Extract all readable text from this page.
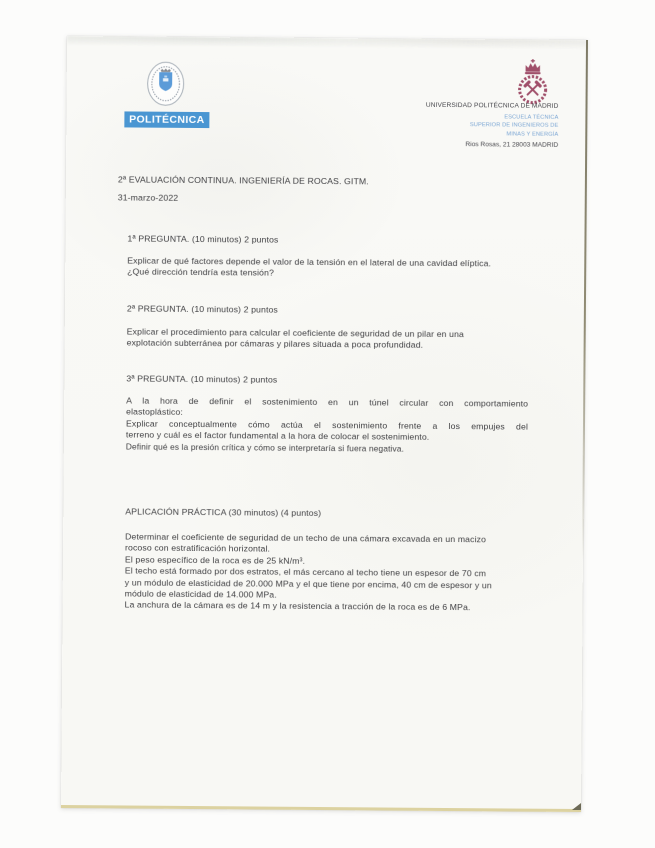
POLITÉCNICA
UNIVERSIDAD POLITÉCNICA DE MADRID
ESCUELA TÉCNICA
SUPERIOR DE INGENIEROS DE
MINAS Y ENERGÍA
Rios Rosas, 21 28003 MADRID
2ª EVALUACIÓN CONTINUA. INGENIERÍA DE ROCAS. GITM.
31-marzo-2022
1ª PREGUNTA. (10 minutos) 2 puntos
Explicar de qué factores depende el valor de la tensión en el lateral de una cavidad elíptica.
¿Qué dirección tendría esta tensión?
2ª PREGUNTA. (10 minutos) 2 puntos
Explicar el procedimiento para calcular el coeficiente de seguridad de un pilar en una
explotación subterránea por cámaras y pilares situada a poca profundidad.
3ª PREGUNTA. (10 minutos) 2 puntos
A la hora de definir el sostenimiento en un túnel circular con comportamiento
elastoplástico:
Explicar conceptualmente cómo actúa el sostenimiento frente a los empujes del
terreno y cuál es el factor fundamental a la hora de colocar el sostenimiento.
Definir qué es la presión crítica y cómo se interpretaría si fuera negativa.
APLICACIÓN PRÁCTICA (30 minutos) (4 puntos)
Determinar el coeficiente de seguridad de un techo de una cámara excavada en un macizo
rocoso con estratificación horizontal.
El peso específico de la roca es de 25 kN/m³.
El techo está formado por dos estratos, el más cercano al techo tiene un espesor de 70 cm
y un módulo de elasticidad de 20.000 MPa y el que tiene por encima, 40 cm de espesor y un
módulo de elasticidad de 14.000 MPa.
La anchura de la cámara es de 14 m y la resistencia a tracción de la roca es de 6 MPa.
